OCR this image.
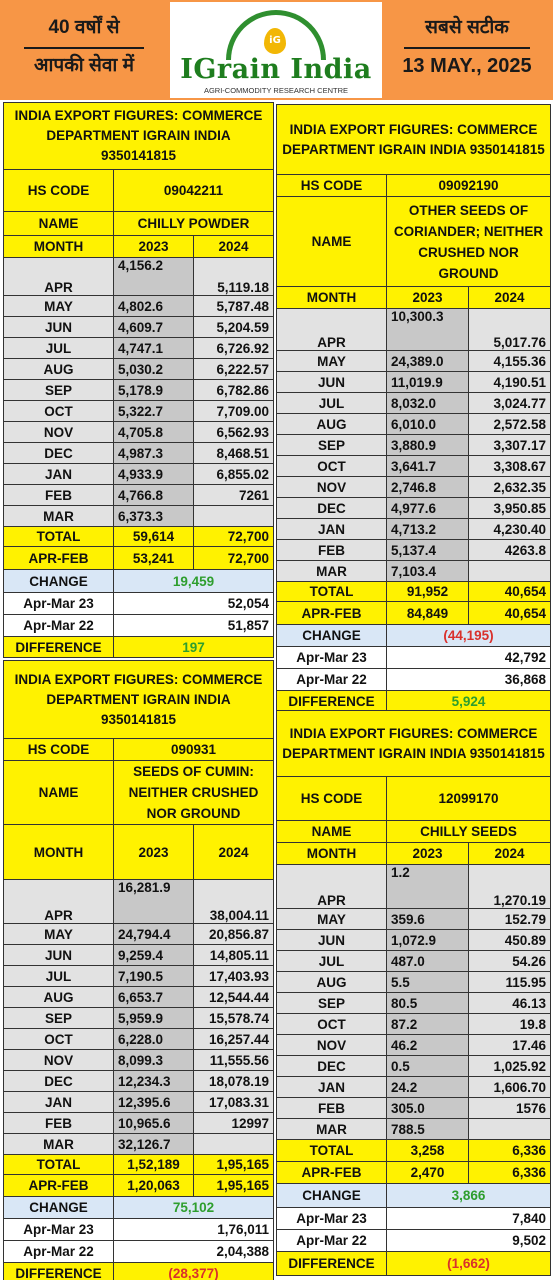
40 वर्षों से
आपकी सेवा में
iG
IGrain India
AGRI-COMMODITY RESEARCH CENTRE
सबसे सटीक
13 MAY., 2025
INDIA EXPORT FIGURES: COMMERCE DEPARTMENT IGRAIN INDIA 9350141815		
HS CODE	09042211	
NAME	CHILLY POWDER	
MONTH	2023	2024
APR	4,156.2	5,119.18
MAY	4,802.6	5,787.48
JUN	4,609.7	5,204.59
JUL	4,747.1	6,726.92
AUG	5,030.2	6,222.57
SEP	5,178.9	6,782.86
OCT	5,322.7	7,709.00
NOV	4,705.8	6,562.93
DEC	4,987.3	8,468.51
JAN	4,933.9	6,855.02
FEB	4,766.8	7261
MAR	6,373.3	
TOTAL	59,614	72,700
APR-FEB	53,241	72,700
CHANGE	19,459	
Apr-Mar 23	52,054	
Apr-Mar 22	51,857	
DIFFERENCE	197	
INDIA EXPORT FIGURES: COMMERCE DEPARTMENT IGRAIN INDIA 9350141815		
HS CODE	09092190	
NAME	OTHER SEEDS OF CORIANDER; NEITHER CRUSHED NOR GROUND	
MONTH	2023	2024
APR	10,300.3	5,017.76
MAY	24,389.0	4,155.36
JUN	11,019.9	4,190.51
JUL	8,032.0	3,024.77
AUG	6,010.0	2,572.58
SEP	3,880.9	3,307.17
OCT	3,641.7	3,308.67
NOV	2,746.8	2,632.35
DEC	4,977.6	3,950.85
JAN	4,713.2	4,230.40
FEB	5,137.4	4263.8
MAR	7,103.4	
TOTAL	91,952	40,654
APR-FEB	84,849	40,654
CHANGE	(44,195)	
Apr-Mar 23	42,792	
Apr-Mar 22	36,868	
DIFFERENCE	5,924	
INDIA EXPORT FIGURES: COMMERCE DEPARTMENT IGRAIN INDIA 9350141815		
HS CODE	090931	
NAME	SEEDS OF CUMIN: NEITHER CRUSHED NOR GROUND	
MONTH	2023	2024
APR	16,281.9	38,004.11
MAY	24,794.4	20,856.87
JUN	9,259.4	14,805.11
JUL	7,190.5	17,403.93
AUG	6,653.7	12,544.44
SEP	5,959.9	15,578.74
OCT	6,228.0	16,257.44
NOV	8,099.3	11,555.56
DEC	12,234.3	18,078.19
JAN	12,395.6	17,083.31
FEB	10,965.6	12997
MAR	32,126.7	
TOTAL	1,52,189	1,95,165
APR-FEB	1,20,063	1,95,165
CHANGE	75,102	
Apr-Mar 23	1,76,011	
Apr-Mar 22	2,04,388	
DIFFERENCE	(28,377)	
INDIA EXPORT FIGURES: COMMERCE DEPARTMENT IGRAIN INDIA 9350141815		
HS CODE	12099170	
NAME	CHILLY SEEDS	
MONTH	2023	2024
APR	1.2	1,270.19
MAY	359.6	152.79
JUN	1,072.9	450.89
JUL	487.0	54.26
AUG	5.5	115.95
SEP	80.5	46.13
OCT	87.2	19.8
NOV	46.2	17.46
DEC	0.5	1,025.92
JAN	24.2	1,606.70
FEB	305.0	1576
MAR	788.5	
TOTAL	3,258	6,336
APR-FEB	2,470	6,336
CHANGE	3,866	
Apr-Mar 23	7,840	
Apr-Mar 22	9,502	
DIFFERENCE	(1,662)	
